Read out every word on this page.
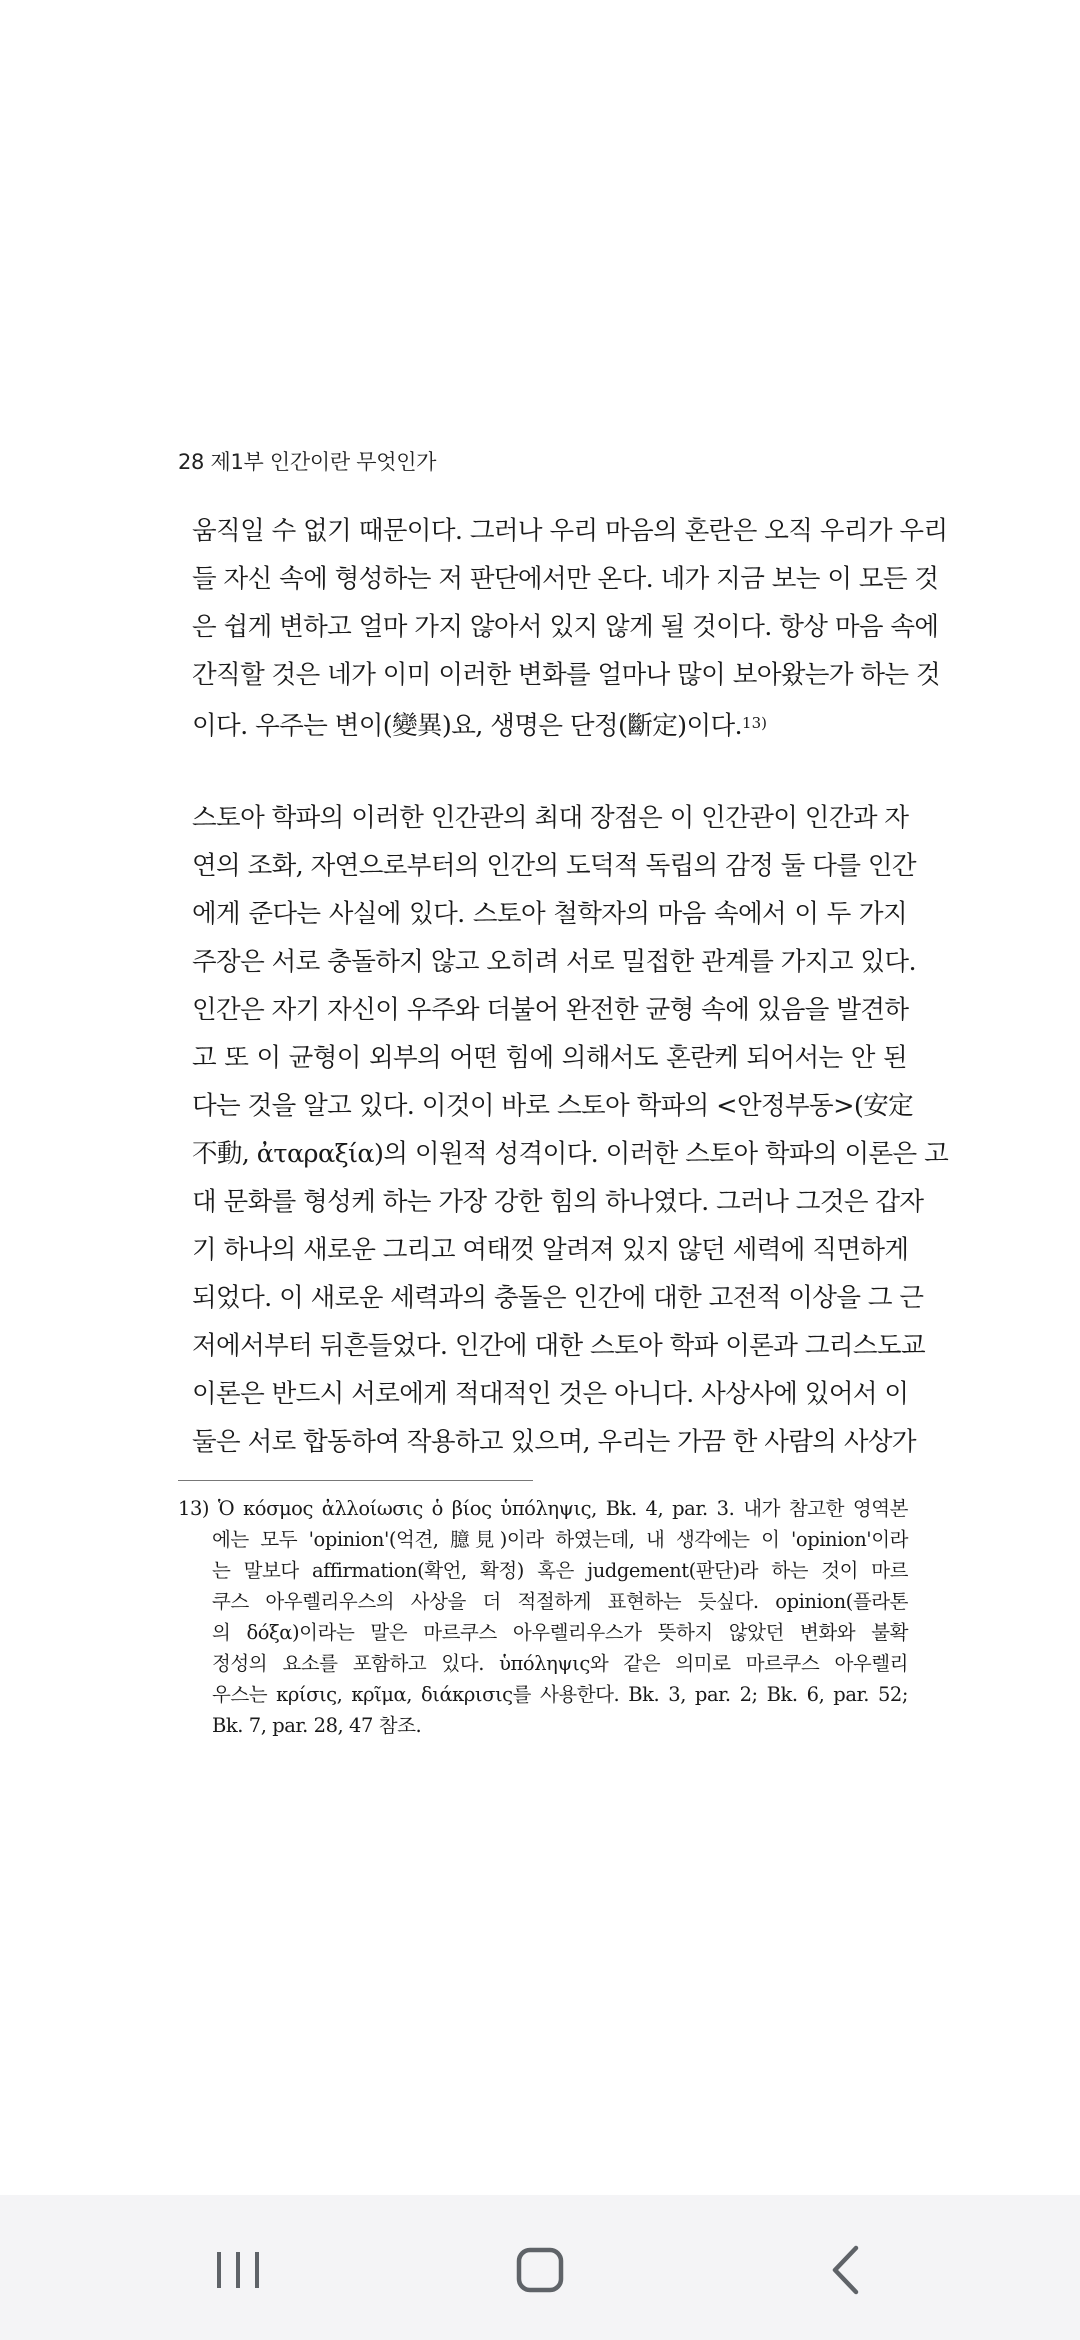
28 제1부 인간이란 무엇인가
움직일 수 없기 때문이다. 그러나 우리 마음의 혼란은 오직 우리가 우리
들 자신 속에 형성하는 저 판단에서만 온다. 네가 지금 보는 이 모든 것
은 쉽게 변하고 얼마 가지 않아서 있지 않게 될 것이다. 항상 마음 속에
간직할 것은 네가 이미 이러한 변화를 얼마나 많이 보아왔는가 하는 것
이다. 우주는 변이(變異)요, 생명은 단정(斷定)이다.$^{13)}$
스토아 학파의 이러한 인간관의 최대 장점은 이 인간관이 인간과 자
연의 조화, 자연으로부터의 인간의 도덕적 독립의 감정 둘 다를 인간
에게 준다는 사실에 있다. 스토아 철학자의 마음 속에서 이 두 가지
주장은 서로 충돌하지 않고 오히려 서로 밀접한 관계를 가지고 있다.
인간은 자기 자신이 우주와 더불어 완전한 균형 속에 있음을 발견하
고 또 이 균형이 외부의 어떤 힘에 의해서도 혼란케 되어서는 안 된
다는 것을 알고 있다. 이것이 바로 스토아 학파의 <안정부동>(安定
不動, ἀταραξία)의 이원적 성격이다. 이러한 스토아 학파의 이론은 고
대 문화를 형성케 하는 가장 강한 힘의 하나였다. 그러나 그것은 갑자
기 하나의 새로운 그리고 여태껏 알려져 있지 않던 세력에 직면하게
되었다. 이 새로운 세력과의 충돌은 인간에 대한 고전적 이상을 그 근
저에서부터 뒤흔들었다. 인간에 대한 스토아 학파 이론과 그리스도교
이론은 반드시 서로에게 적대적인 것은 아니다. 사상사에 있어서 이
둘은 서로 합동하여 작용하고 있으며, 우리는 가끔 한 사람의 사상가
13) Ὁ κόσμος ἀλλοίωσις ὁ βίος ὑπόληψις, Bk. 4, par. 3. 내가 참고한 영역본
에는 모두 'opinion'(억견, 臆見)이라 하였는데, 내 생각에는 이 'opinion'이라
는 말보다 affirmation(확언, 확정) 혹은 judgement(판단)라 하는 것이 마르
쿠스 아우렐리우스의 사상을 더 적절하게 표현하는 듯싶다. opinion(플라톤
의 δόξα)이라는 말은 마르쿠스 아우렐리우스가 뜻하지 않았던 변화와 불확
정성의 요소를 포함하고 있다. ὑπόληψις와 같은 의미로 마르쿠스 아우렐리
우스는 κρίσις, κρῖμα, διάκρισις를 사용한다. Bk. 3, par. 2; Bk. 6, par. 52;
Bk. 7, par. 28, 47 참조.
